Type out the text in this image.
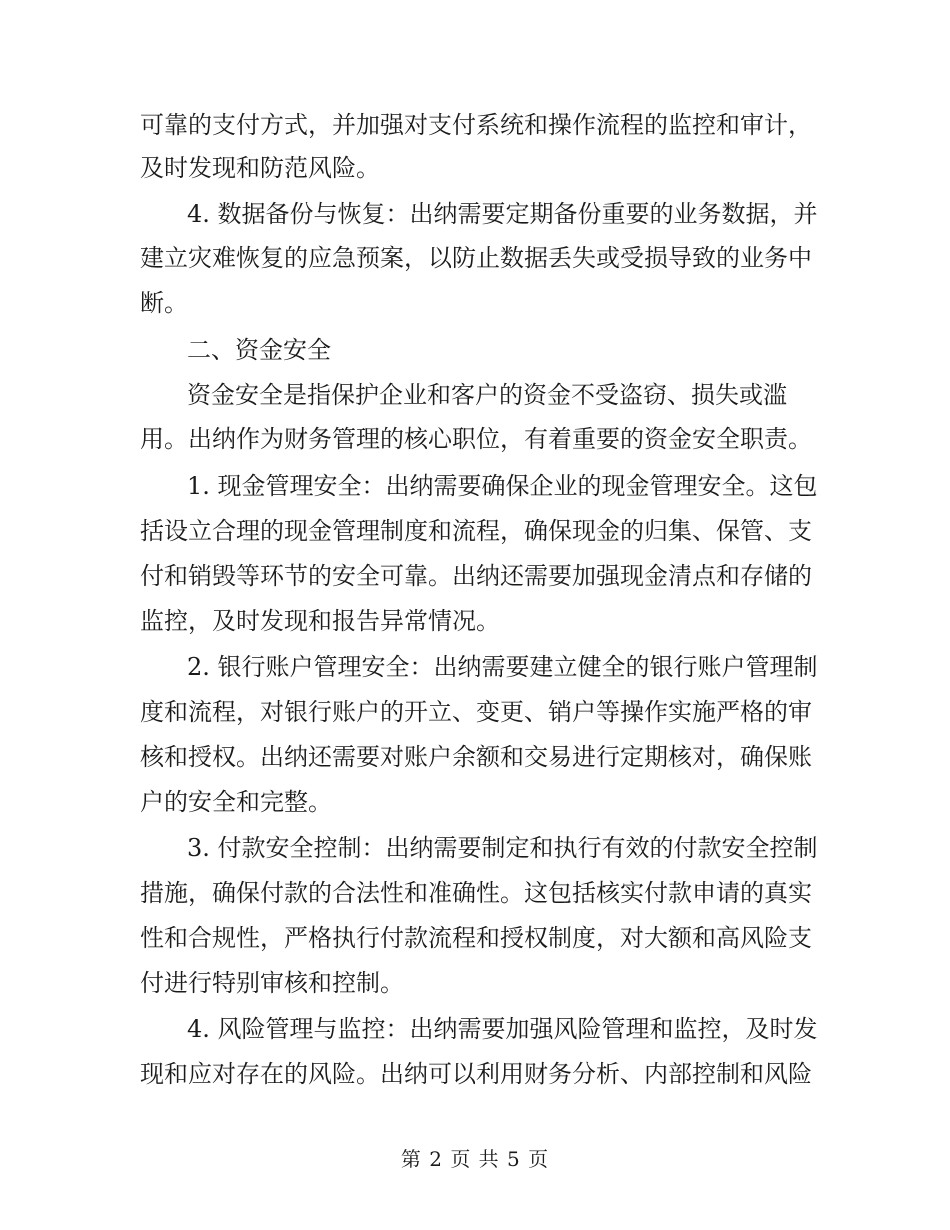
可靠的支付方式，并加强对支付系统和操作流程的监控和审计，
及时发现和防范风险。
4. 数据备份与恢复：出纳需要定期备份重要的业务数据，并
建立灾难恢复的应急预案，以防止数据丢失或受损导致的业务中
断。
二、资金安全
资金安全是指保护企业和客户的资金不受盗窃、损失或滥
用。出纳作为财务管理的核心职位，有着重要的资金安全职责。
1. 现金管理安全：出纳需要确保企业的现金管理安全。这包
括设立合理的现金管理制度和流程，确保现金的归集、保管、支
付和销毁等环节的安全可靠。出纳还需要加强现金清点和存储的
监控，及时发现和报告异常情况。
2. 银行账户管理安全：出纳需要建立健全的银行账户管理制
度和流程，对银行账户的开立、变更、销户等操作实施严格的审
核和授权。出纳还需要对账户余额和交易进行定期核对，确保账
户的安全和完整。
3. 付款安全控制：出纳需要制定和执行有效的付款安全控制
措施，确保付款的合法性和准确性。这包括核实付款申请的真实
性和合规性，严格执行付款流程和授权制度，对大额和高风险支
付进行特别审核和控制。
4. 风险管理与监控：出纳需要加强风险管理和监控，及时发
现和应对存在的风险。出纳可以利用财务分析、内部控制和风险
第 2 页 共 5 页
